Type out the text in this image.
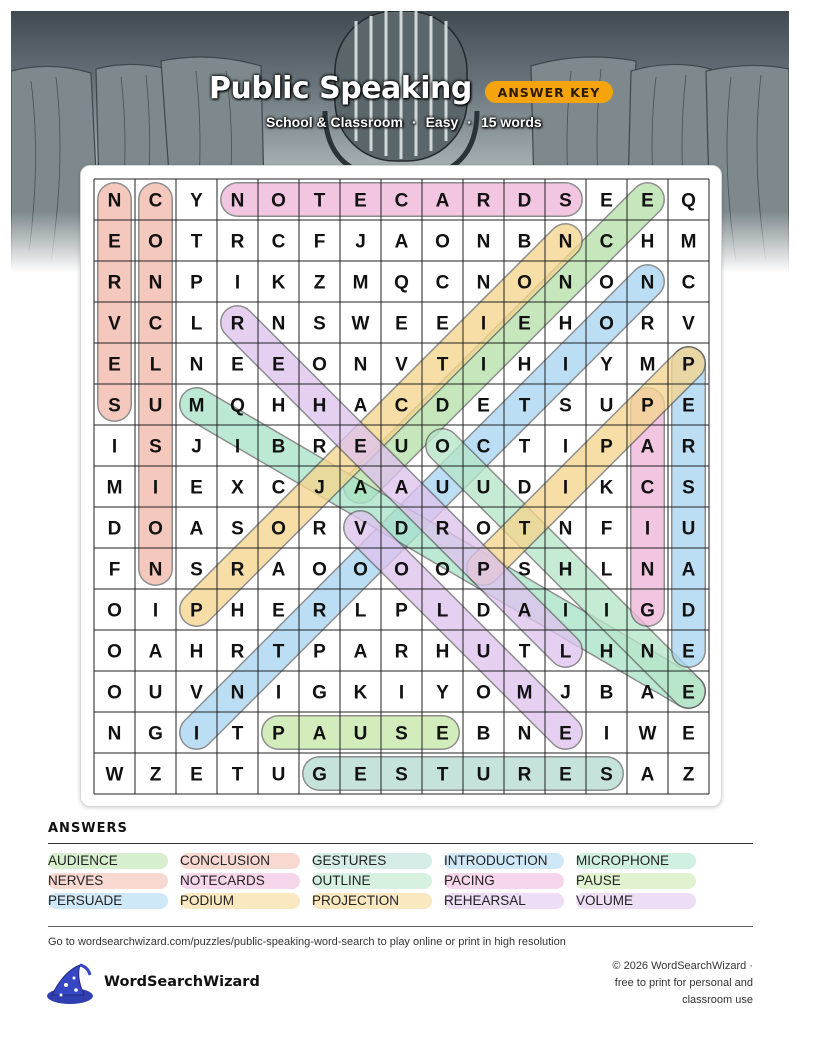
Public Speaking	ANSWER KEY
School & Classroom · Easy · 15 words
N C Y N O T E C A R D S E E Q
E O T R C F J A O N B N C H M
R N P I K Z M Q C N O N O N C
V C L R N S W E E I E H O R V
E L N E E O N V T I H I Y M P
S U M Q H H A C D E T S U P E
I S J I B R E U O C T I P A R
M I E X C J A A U U D I K C S
D O A S O R V D R O T N F I U
F N S R A O O O O P S H L N A
O I P H E R L P L D A I I G D
O A H R T P A R H U T L H N E
O U V N I G K I Y O M J B A E
N G I T P A U S E B N E I W E
W Z E T U G E S T U R E S A Z
ANSWERS
AUDIENCE	CONCLUSION	GESTURES	INTRODUCTION MICROPHONE
NERVES	NOTECARDS	OUTLINE	PACING	PAUSE
PERSUADE	PODIUM	PROJECTION	REHEARSAL	VOLUME
Go to wordsearchwizard.com/puzzles/public-speaking-word-search to play online or print in high resolution
WordSearchWizard
© 2026 WordSearchWizard ·
free to print for personal and
classroom use
